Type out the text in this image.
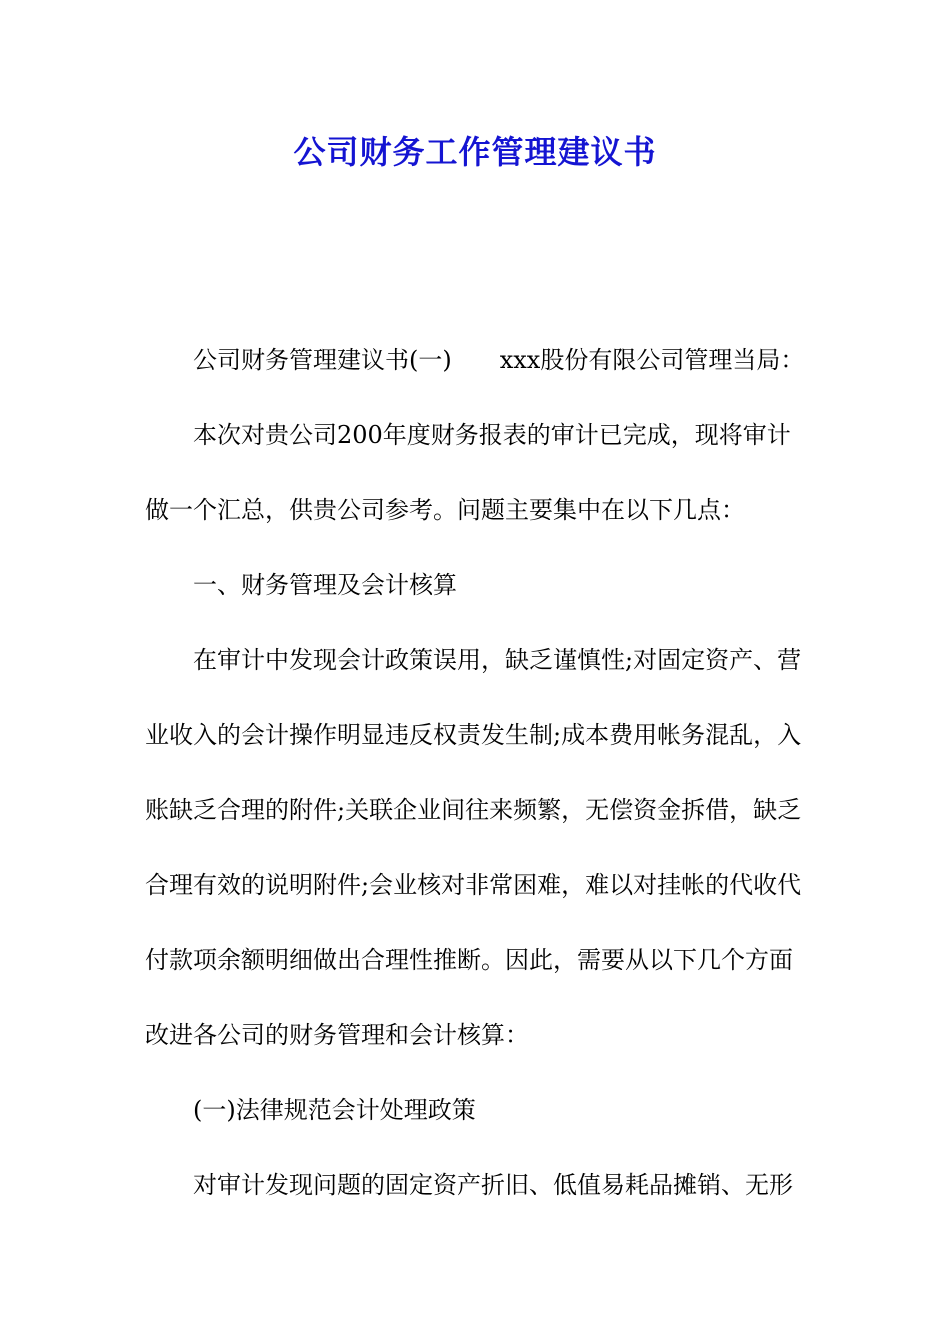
公司财务工作管理建议书
公司财务管理建议书(一) xxx股份有限公司管理当局：
本次对贵公司200年度财务报表的审计已完成，现将审计
做一个汇总，供贵公司参考。问题主要集中在以下几点：
一、财务管理及会计核算
在审计中发现会计政策误用，缺乏谨慎性;对固定资产、营
业收入的会计操作明显违反权责发生制;成本费用帐务混乱，入
账缺乏合理的附件;关联企业间往来频繁，无偿资金拆借，缺乏
合理有效的说明附件;会业核对非常困难，难以对挂帐的代收代
付款项余额明细做出合理性推断。因此，需要从以下几个方面
改进各公司的财务管理和会计核算：
(一)法律规范会计处理政策
对审计发现问题的固定资产折旧、低值易耗品摊销、无形
